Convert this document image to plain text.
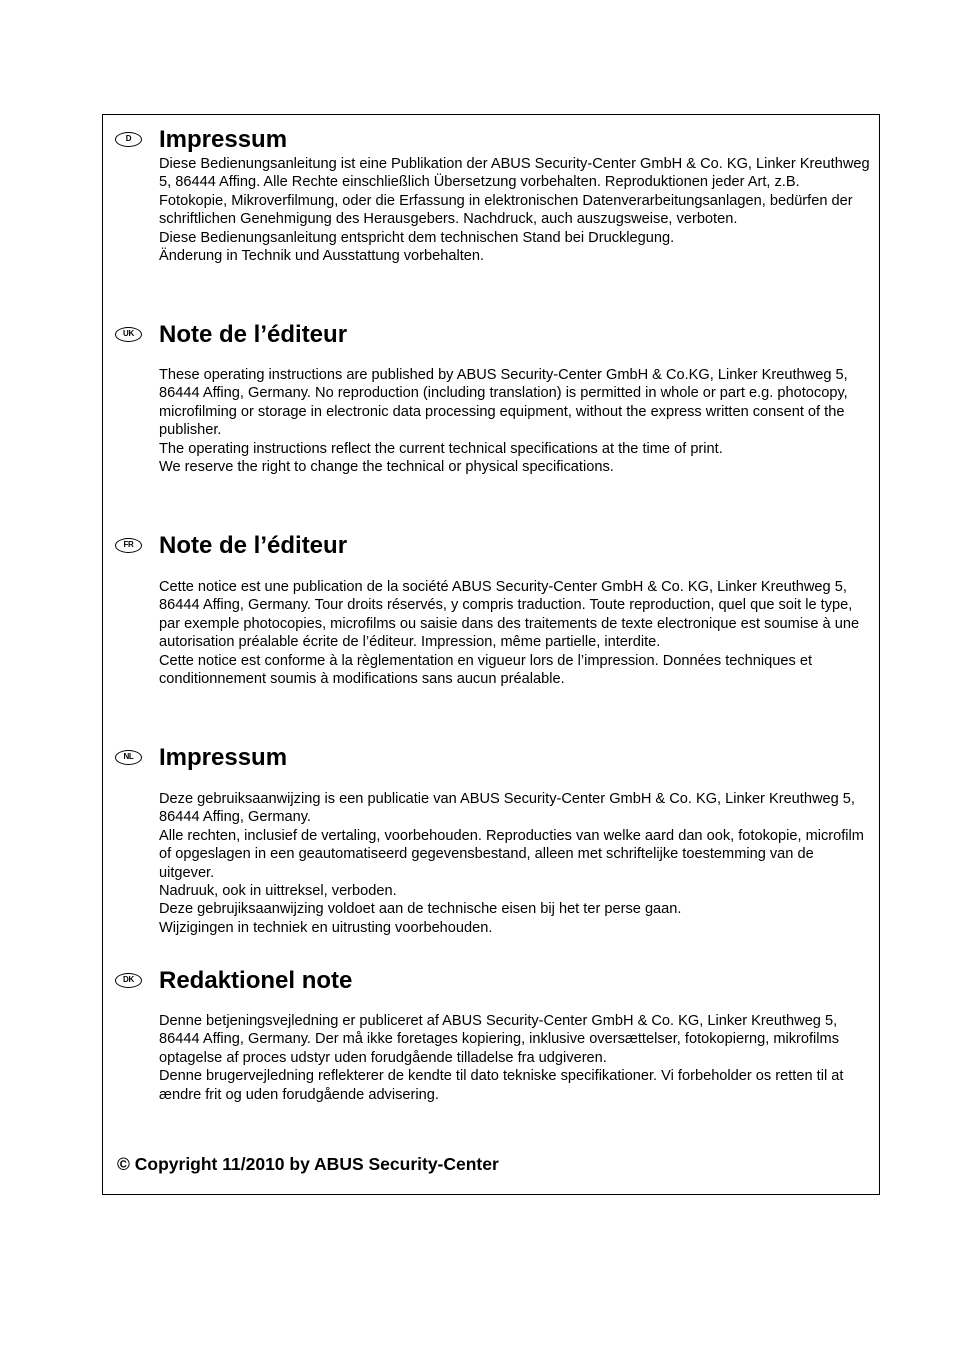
D	Impressum

Diese Bedienungsanleitung ist eine Publikation der ABUS Security-Center GmbH & Co. KG, Linker Kreuthweg 5, 86444 Affing. Alle Rechte einschließlich Übersetzung vorbehalten. Reproduktionen jeder Art, z.B. Fotokopie, Mikroverfilmung, oder die Erfassung in elektronischen Datenverarbeitungsanlagen, bedürfen der schriftlichen Genehmigung des Herausgebers. Nachdruck, auch auszugsweise, verboten.

Diese Bedienungsanleitung entspricht dem technischen Stand bei Drucklegung.

Änderung in Technik und Ausstattung vorbehalten.

UK	Note de l’éditeur

These operating instructions are published by ABUS Security-Center GmbH & Co.KG, Linker Kreuthweg 5, 86444 Affing, Germany. No reproduction (including translation) is permitted in whole or part e.g. photocopy, microfilming or storage in electronic data processing equipment, without the express written consent of the publisher.

The operating instructions reflect the current technical specifications at the time of print.

We reserve the right to change the technical or physical specifications.

FR	Note de l’éditeur

Cette notice est une publication de la société ABUS Security-Center GmbH & Co. KG, Linker Kreuthweg 5, 86444 Affing, Germany. Tour droits réservés, y compris traduction. Toute reproduction, quel que soit le type, par exemple photocopies, microfilms ou saisie dans des traitements de texte electronique est soumise à une autorisation préalable écrite de l’éditeur. Impression, même partielle, interdite.

Cette notice est conforme à la règlementation en vigueur lors de l’impression. Données techniques et conditionnement soumis à modifications sans aucun préalable.

NL	Impressum

Deze gebruiksaanwijzing is een publicatie van ABUS Security-Center GmbH & Co. KG, Linker Kreuthweg 5, 86444 Affing, Germany.

Alle rechten, inclusief de vertaling, voorbehouden. Reproducties van welke aard dan ook, fotokopie, microfilm of opgeslagen in een geautomatiseerd gegevensbestand, alleen met schriftelijke toestemming van de uitgever.

Nadruuk, ook in uittreksel, verboden.

Deze gebrujiksaanwijzing voldoet aan de technische eisen bij het ter perse gaan.

Wijzigingen in techniek en uitrusting voorbehouden.

DK	Redaktionel note

Denne betjeningsvejledning er publiceret af ABUS Security-Center GmbH & Co. KG, Linker Kreuthweg 5, 86444 Affing, Germany. Der må ikke foretages kopiering, inklusive oversættelser, fotokopierng, mikrofilms optagelse af proces udstyr uden forudgående tilladelse fra udgiveren.

Denne brugervejledning reflekterer de kendte til dato tekniske specifikationer. Vi forbeholder os retten til at ændre frit og uden forudgående advisering.

© Copyright 11/2010 by ABUS Security-Center
